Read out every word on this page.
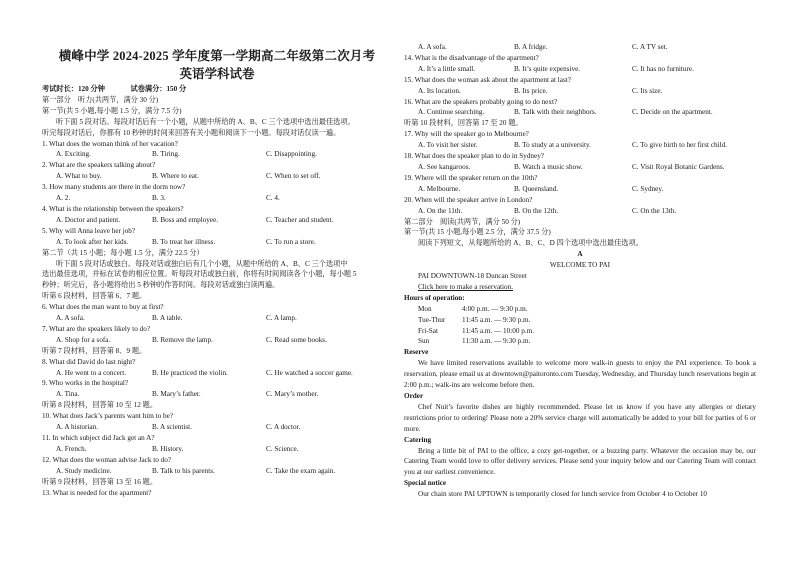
横峰中学 2024-2025 学年度第一学期高二年级第二次月考
英语学科试卷
考试时长：120 分钟	试卷满分：150 分
第一部分　听力(共两节，满分 30 分)
第一节(共 5 小题,每小题 1.5 分，满分 7.5 分)
听下面 5 段对话。每段对话后有一个小题，从题中所给的 A、B、C 三个选项中选出最佳选项。
听完每段对话后，你都有 10 秒钟的时间来回答有关小题和阅读下一小题。每段对话仅读一遍。
1. What does the woman think of her vacation?
A. Exciting.	B. Tiring.	C. Disappointing.
2. What are the speakers talking about?
A. What to buy.	B. Where to eat.	C. When to set off.
3. How many students are there in the dorm now?
A. 2.	B. 3.	C. 4.
4. What is the relationship between the speakers?
A. Doctor and patient.	B. Boss and employee.	C. Teacher and student.
5. Why will Anna leave her job?
A. To look after her kids.	B. To treat her illness.	C. To run a store.
第二节（共 15 小题；每小题 1.5 分，满分 22.5 分）
听下面 5 段对话或独白。每段对话或独白后有几个小题，从题中所给的 A、B、C 三个选项中
选出最佳选项，并标在试卷的相应位置。听每段对话或独白前，你将有时间阅读各个小题，每小题 5
秒钟；听完后，各小题将给出 5 秒钟的作答时间。每段对话或独白读两遍。
听第 6 段材料，回答第 6、7 题。
6. What does the man want to buy at first?
A. A sofa.	B. A table.	C. A lamp.
7. What are the speakers likely to do?
A. Shop for a sofa.	B. Remove the lamp.	C. Read some books.
听第 7 段材料，回答第 8、9 题。
8. What did David do last night?
A. He went to a concert.	B. He practiced the violin.	C. He watched a soccer game.
9. Who works in the hospital?
A. Tina.	B. Mary’s father.	C. Mary’s mother.
听第 8 段材料，回答第 10 至 12 题。
10. What does Jack’s parents want him to be?
A. A historian.	B. A scientist.	C. A doctor.
11. In which subject did Jack get an A?
A. French.	B. History.	C. Science.
12. What does the woman advise Jack to do?
A. Study medicine.	B. Talk to his parents.	C. Take the exam again.
听第 9 段材料，回答第 13 至 16 题。
13. What is needed for the apartment?
A. A sofa.	B. A fridge.	C. A TV set.
14. What is the disadvantage of the apartment?
A. It’s a little small.	B. It’s quite expensive.	C. It has no furniture.
15. What does the woman ask about the apartment at last?
A. Its location.	B. Its price.	C. Its size.
16. What are the speakers probably going to do next?
A. Continue searching.	B. Talk with their neighbors.	C. Decide on the apartment.
听第 10 段材料，回答第 17 至 20 题。
17. Why will the speaker go to Melbourne?
A. To visit her sister.	B. To study at a university.	C. To give birth to her first child.
18. What does the speaker plan to do in Sydney?
A. See kangaroos.	B. Watch a music show.	C. Visit Royal Botanic Gardens.
19. Where will the speaker return on the 10th?
A. Melbourne.	B. Queensland.	C. Sydney.
20. When will the speaker arrive in London?
A. On the 11th.	B. On the 12th.	C. On the 13th.
第二部分　阅读(共两节，满分 50 分)
第一节(共 15 小题,每小题 2.5 分，满分 37.5 分)
阅读下列短文，从每题所给的 A、B、C、D 四个选项中选出最佳选项。
A
WELCOME TO PAI
PAI DOWNTOWN-18 Duncan Street
Click here to make a reservation.
Hours of operation:
Mon	4:00 p.m. — 9:30 p.m.
Tue-Thur	11:45 a.m. — 9:30 p.m.
Fri-Sat	11:45 a.m. — 10:00 p.m.
Sun	11:30 a.m. — 9:30 p.m.
Reserve
We have limited reservations available to welcome more walk-in guests to enjoy the PAI experience. To book a reservation, please email us at downtown@paitoronto.com Tuesday, Wednesday, and Thursday lunch reservations begin at 2:00 p.m.; walk-ins are welcome before then.
Order
Chef Nuit’s favorite dishes are highly recommended. Please let us know if you have any allergies or dietary restrictions prior to ordering! Please note a 20% service charge will automatically be added to your bill for parties of 6 or more.
Catering
Bring a little bit of PAI to the office, a cozy get-together, or a buzzing party. Whatever the occasion may be, our Catering Team would love to offer delivery services. Please send your inquiry below and our Catering Team will contact you at our earliest convenience.
Special notice
Our chain store PAI UPTOWN is temporarily closed for lunch service from October 4 to October 10
